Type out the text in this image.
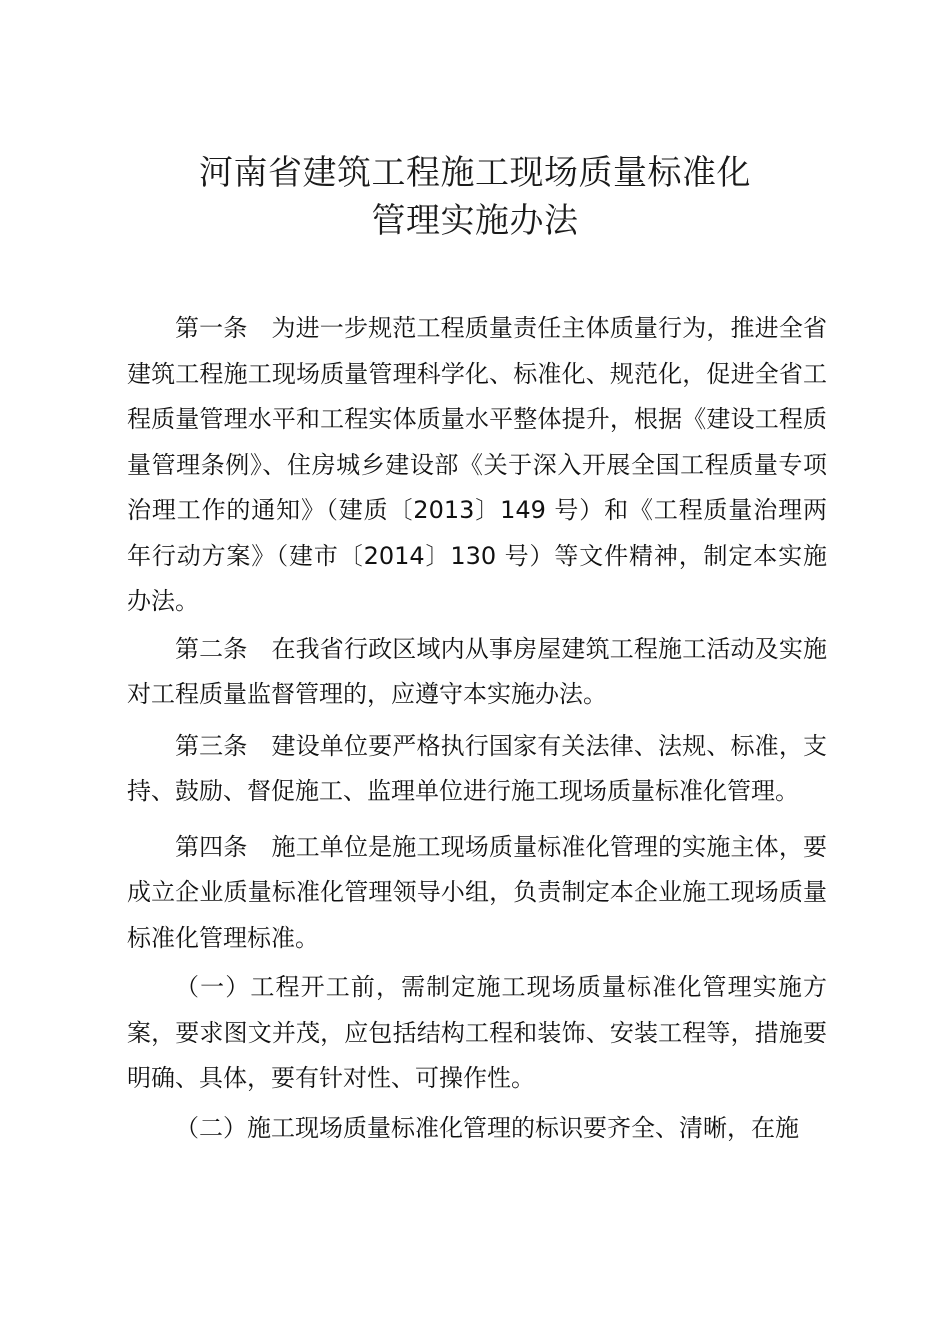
河南省建筑工程施工现场质量标准化
管理实施办法

第一条 为进一步规范工程质量责任主体质量行为，推进全省建筑工程施工现场质量管理科学化、标准化、规范化，促进全省工程质量管理水平和工程实体质量水平整体提升，根据《建设工程质量管理条例》、住房城乡建设部《关于深入开展全国工程质量专项治理工作的通知》（建质〔2013〕149 号）和《工程质量治理两年行动方案》（建市〔2014〕130 号）等文件精神，制定本实施办法。

第二条 在我省行政区域内从事房屋建筑工程施工活动及实施对工程质量监督管理的，应遵守本实施办法。

第三条 建设单位要严格执行国家有关法律、法规、标准，支持、鼓励、督促施工、监理单位进行施工现场质量标准化管理。

第四条 施工单位是施工现场质量标准化管理的实施主体，要成立企业质量标准化管理领导小组，负责制定本企业施工现场质量标准化管理标准。

（一）工程开工前，需制定施工现场质量标准化管理实施方案，要求图文并茂，应包括结构工程和装饰、安装工程等，措施要明确、具体，要有针对性、可操作性。

（二）施工现场质量标准化管理的标识要齐全、清晰，在施
